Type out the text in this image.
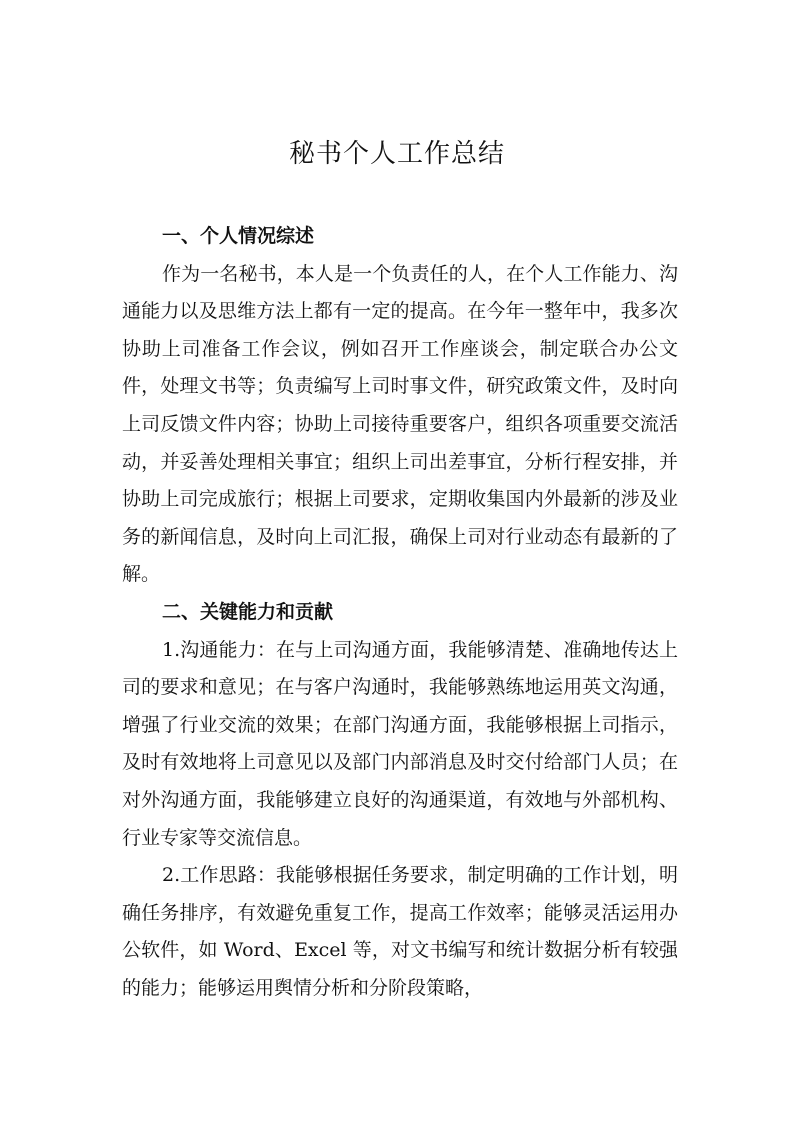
秘书个人工作总结

一、个人情况综述

作为一名秘书，本人是一个负责任的人，在个人工作能力、沟通能力以及思维方法上都有一定的提高。在今年一整年中，我多次协助上司准备工作会议，例如召开工作座谈会，制定联合办公文件，处理文书等；负责编写上司时事文件，研究政策文件，及时向上司反馈文件内容；协助上司接待重要客户，组织各项重要交流活动，并妥善处理相关事宜；组织上司出差事宜，分析行程安排，并协助上司完成旅行；根据上司要求，定期收集国内外最新的涉及业务的新闻信息，及时向上司汇报，确保上司对行业动态有最新的了解。

二、关键能力和贡献

1.沟通能力：在与上司沟通方面，我能够清楚、准确地传达上司的要求和意见；在与客户沟通时，我能够熟练地运用英文沟通，增强了行业交流的效果；在部门沟通方面，我能够根据上司指示，及时有效地将上司意见以及部门内部消息及时交付给部门人员；在对外沟通方面，我能够建立良好的沟通渠道，有效地与外部机构、行业专家等交流信息。

2.工作思路：我能够根据任务要求，制定明确的工作计划，明确任务排序，有效避免重复工作，提高工作效率；能够灵活运用办公软件，如 Word、Excel 等，对文书编写和统计数据分析有较强的能力；能够运用舆情分析和分阶段策略，
